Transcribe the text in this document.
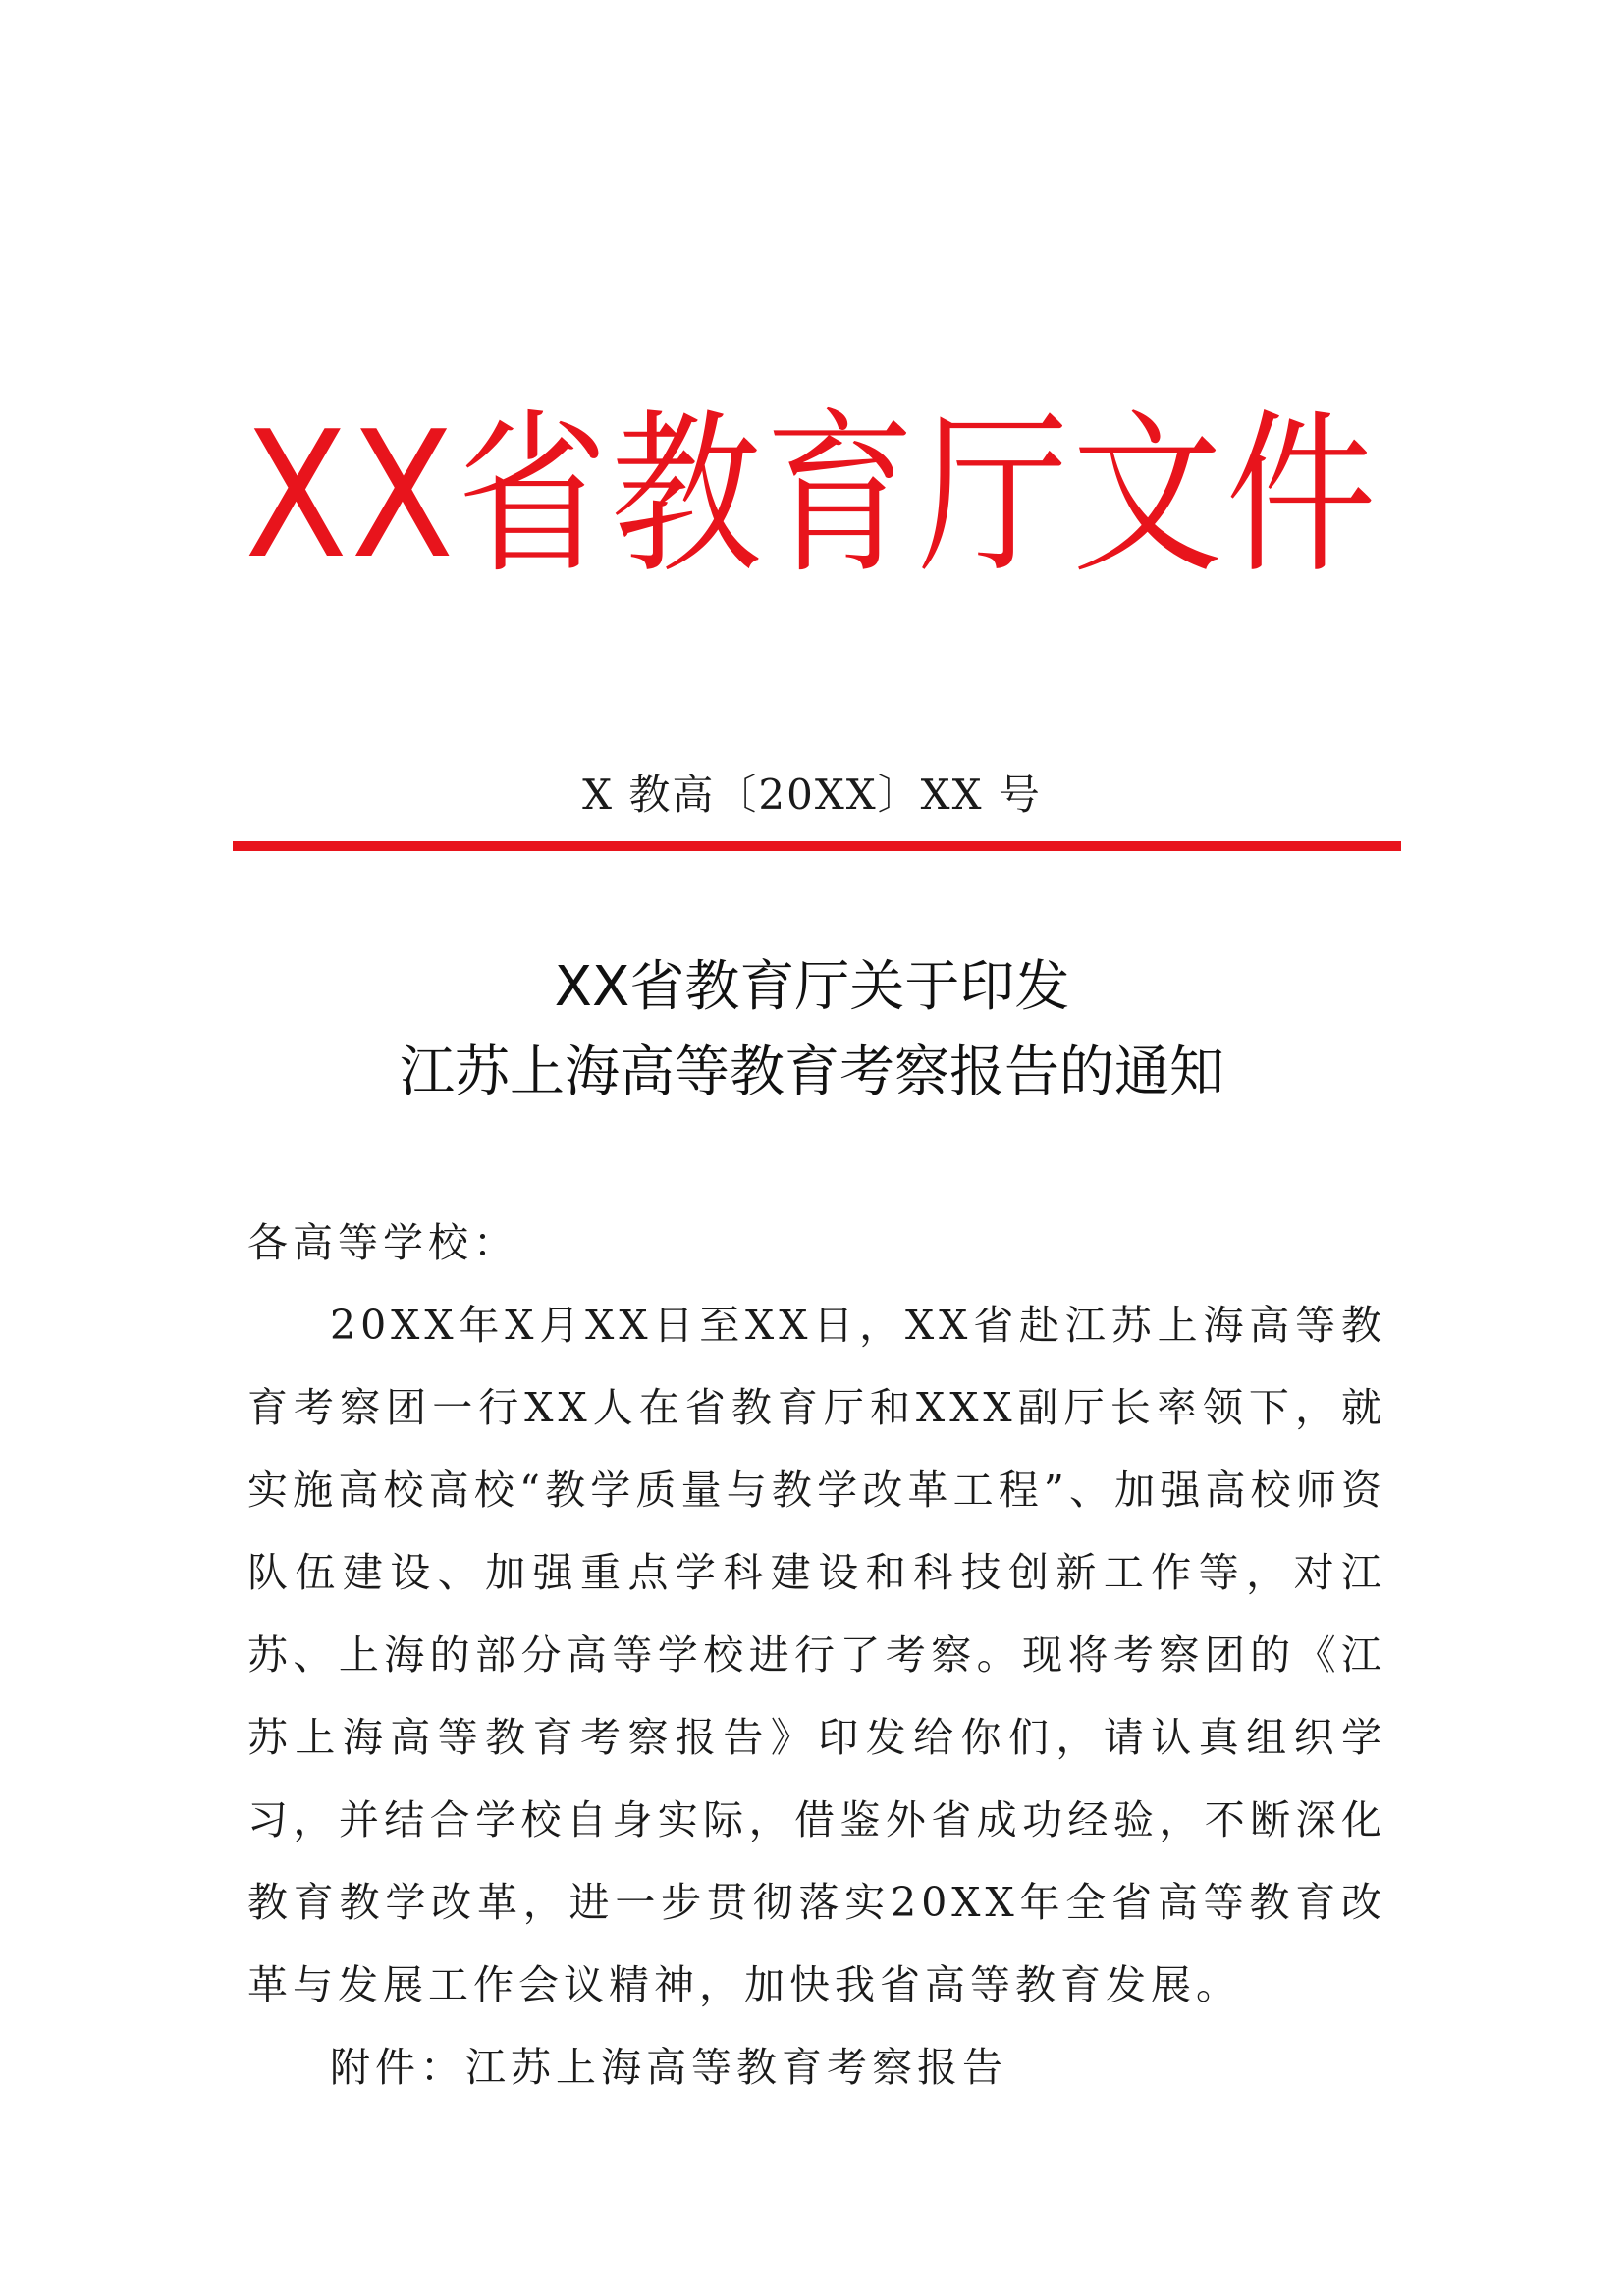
XX省教育厅文件
X 教高〔20XX〕XX 号
XX省教育厅关于印发
江苏上海高等教育考察报告的通知
各高等学校：
20XX年X月XX日至XX日，XX省赴江苏上海高等教育考察团一行XX人在省教育厅和XXX副厅长率领下，就实施高校高校“教学质量与教学改革工程”、加强高校师资队伍建设、加强重点学科建设和科技创新工作等，对江苏、上海的部分高等学校进行了考察。现将考察团的《江苏上海高等教育考察报告》印发给你们，请认真组织学习，并结合学校自身实际，借鉴外省成功经验，不断深化教育教学改革，进一步贯彻落实20XX年全省高等教育改革与发展工作会议精神，加快我省高等教育发展。
附件：江苏上海高等教育考察报告
